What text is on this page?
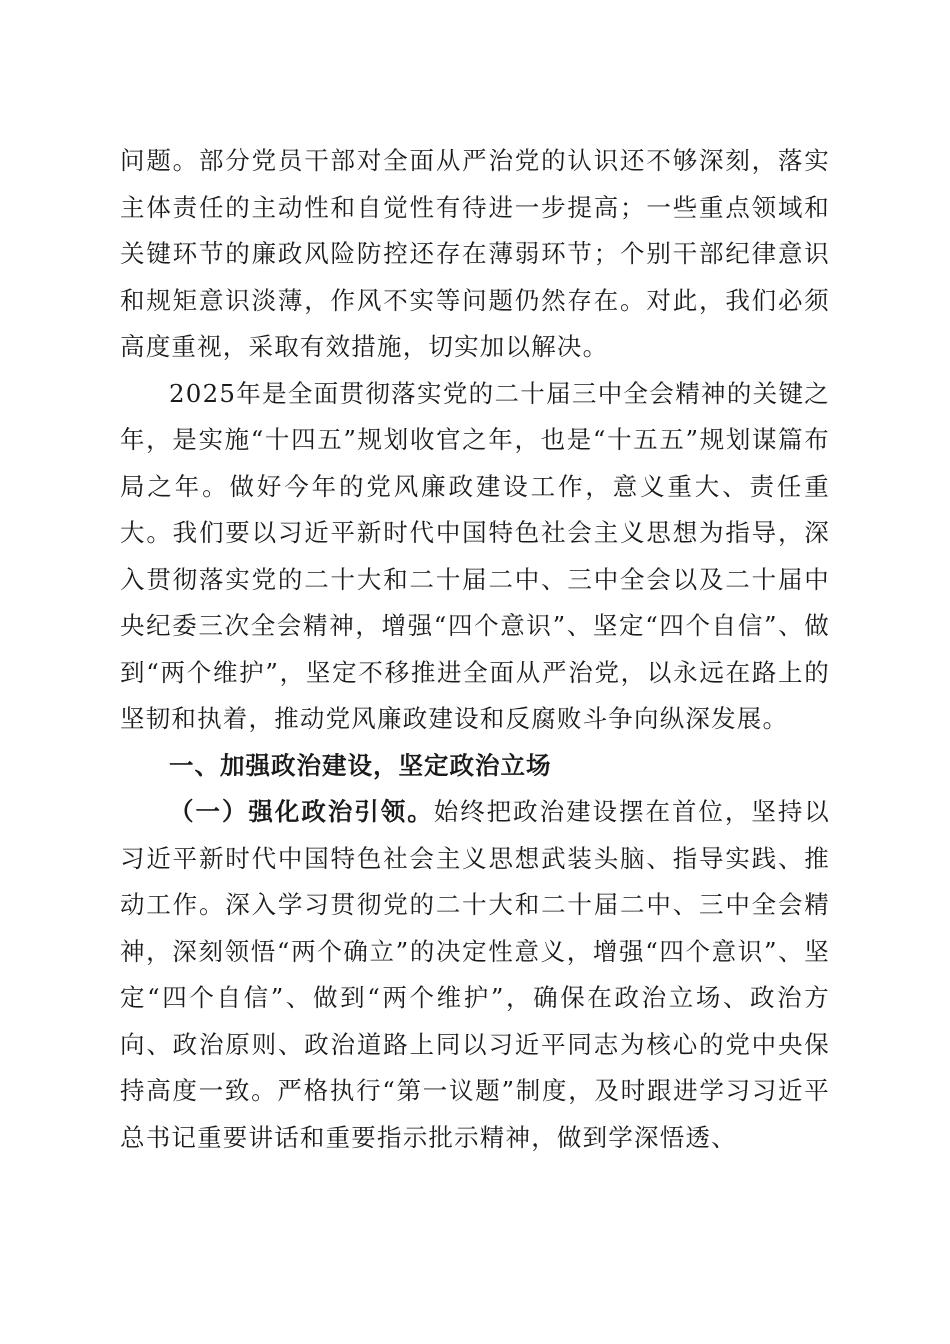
问题。部分党员干部对全面从严治党的认识还不够深刻，落实主体责任的主动性和自觉性有待进一步提高；一些重点领域和关键环节的廉政风险防控还存在薄弱环节；个别干部纪律意识和规矩意识淡薄，作风不实等问题仍然存在。对此，我们必须高度重视，采取有效措施，切实加以解决。

2025年是全面贯彻落实党的二十届三中全会精神的关键之年，是实施“十四五”规划收官之年，也是“十五五”规划谋篇布局之年。做好今年的党风廉政建设工作，意义重大、责任重大。我们要以习近平新时代中国特色社会主义思想为指导，深入贯彻落实党的二十大和二十届二中、三中全会以及二十届中央纪委三次全会精神，增强“四个意识”、坚定“四个自信”、做到“两个维护”，坚定不移推进全面从严治党，以永远在路上的坚韧和执着，推动党风廉政建设和反腐败斗争向纵深发展。

一、加强政治建设，坚定政治立场

（一）强化政治引领。始终把政治建设摆在首位，坚持以习近平新时代中国特色社会主义思想武装头脑、指导实践、推动工作。深入学习贯彻党的二十大和二十届二中、三中全会精神，深刻领悟“两个确立”的决定性意义，增强“四个意识”、坚定“四个自信”、做到“两个维护”，确保在政治立场、政治方向、政治原则、政治道路上同以习近平同志为核心的党中央保持高度一致。严格执行“第一议题”制度，及时跟进学习习近平总书记重要讲话和重要指示批示精神，做到学深悟透、
